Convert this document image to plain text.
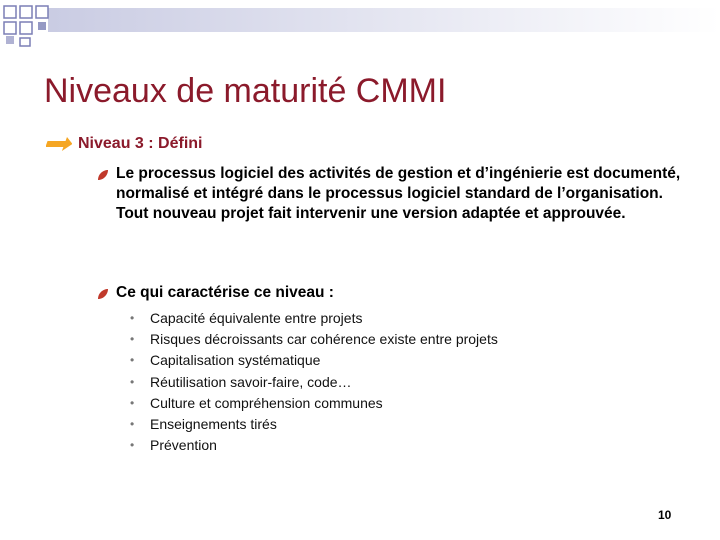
Niveaux de maturité CMMI
Niveau 3 : Défini
Le processus logiciel des activités de gestion et d’ingénierie est documenté, normalisé et intégré dans le processus logiciel standard de l’organisation. Tout nouveau projet fait intervenir une version adaptée et approuvée.
Ce qui caractérise ce niveau :
•	Capacité équivalente entre projets
•	Risques décroissants car cohérence existe entre projets
•	Capitalisation systématique
•	Réutilisation savoir-faire, code…
•	Culture et compréhension communes
•	Enseignements tirés
•	Prévention
10
